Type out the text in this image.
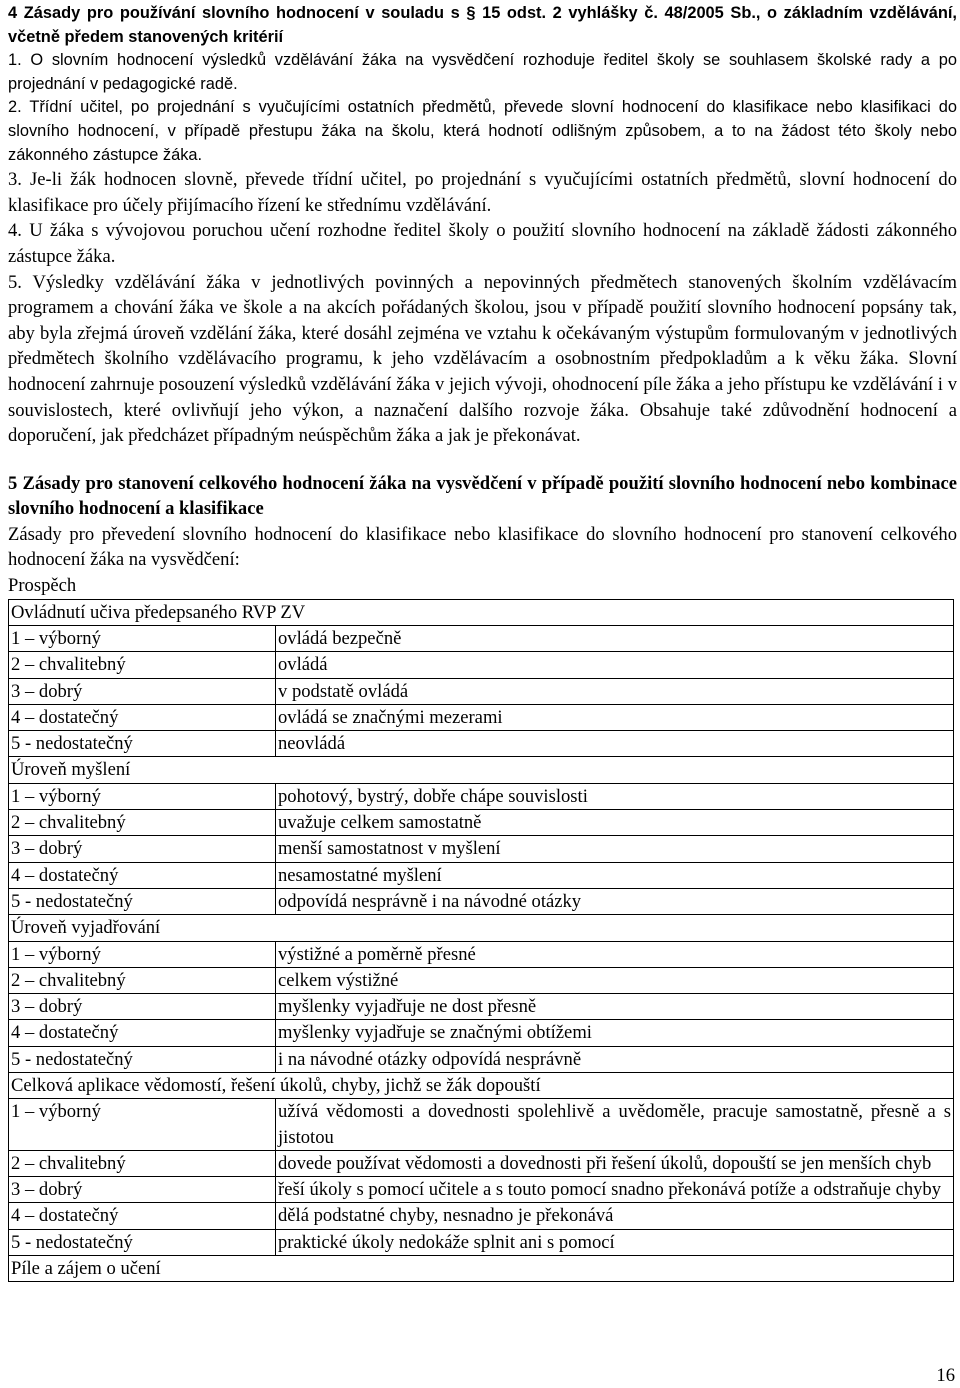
4 Zásady pro používání slovního hodnocení v souladu s § 15 odst. 2 vyhlášky č. 48/2005 Sb., o základním vzdělávání, včetně předem stanovených kritérií

1. O slovním hodnocení výsledků vzdělávání žáka na vysvědčení rozhoduje ředitel školy se souhlasem školské rady a po projednání v pedagogické radě.

2. Třídní učitel, po projednání s vyučujícími ostatních předmětů, převede slovní hodnocení do klasifikace nebo klasifikaci do slovního hodnocení, v případě přestupu žáka na školu, která hodnotí odlišným způsobem, a to na žádost této školy nebo zákonného zástupce žáka.

3. Je-li žák hodnocen slovně, převede třídní učitel, po projednání s vyučujícími ostatních předmětů, slovní hodnocení do klasifikace pro účely přijímacího řízení ke střednímu vzdělávání.

4. U žáka s vývojovou poruchou učení rozhodne ředitel školy o použití slovního hodnocení na základě žádosti zákonného zástupce žáka.

5. Výsledky vzdělávání žáka v jednotlivých povinných a nepovinných předmětech stanovených školním vzdělávacím programem a chování žáka ve škole a na akcích pořádaných školou, jsou v případě použití slovního hodnocení popsány tak, aby byla zřejmá úroveň vzdělání žáka, které dosáhl zejména ve vztahu k očekávaným výstupům formulovaným v jednotlivých předmětech školního vzdělávacího programu, k jeho vzdělávacím a osobnostním předpokladům a k věku žáka. Slovní hodnocení zahrnuje posouzení výsledků vzdělávání žáka v jejich vývoji, ohodnocení píle žáka a jeho přístupu ke vzdělávání i v souvislostech, které ovlivňují jeho výkon, a naznačení dalšího rozvoje žáka. Obsahuje také zdůvodnění hodnocení a doporučení, jak předcházet případným neúspěchům žáka a jak je překonávat.

5 Zásady pro stanovení celkového hodnocení žáka na vysvědčení v případě použití slovního hodnocení nebo kombinace slovního hodnocení a klasifikace

Zásady pro převedení slovního hodnocení do klasifikace nebo klasifikace do slovního hodnocení pro stanovení celkového hodnocení žáka na vysvědčení:

Prospěch

Ovládnutí učiva předepsaného RVP ZV	
1 – výborný	ovládá bezpečně
2 – chvalitebný	ovládá
3 – dobrý	v podstatě ovládá
4 – dostatečný	ovládá se značnými mezerami
5 - nedostatečný	neovládá
Úroveň myšlení	
1 – výborný	pohotový, bystrý, dobře chápe souvislosti
2 – chvalitebný	uvažuje celkem samostatně
3 – dobrý	menší samostatnost v myšlení
4 – dostatečný	nesamostatné myšlení
5 - nedostatečný	odpovídá nesprávně i na návodné otázky
Úroveň vyjadřování	
1 – výborný	výstižné a poměrně přesné
2 – chvalitebný	celkem výstižné
3 – dobrý	myšlenky vyjadřuje ne dost přesně
4 – dostatečný	myšlenky vyjadřuje se značnými obtížemi
5 - nedostatečný	i na návodné otázky odpovídá nesprávně
Celková aplikace vědomostí, řešení úkolů, chyby, jichž se žák dopouští	
1 – výborný	užívá vědomosti a dovednosti spolehlivě a uvědoměle, pracuje samostatně, přesně a s jistotou
2 – chvalitebný	dovede používat vědomosti a dovednosti při řešení úkolů, dopouští se jen menších chyb
3 – dobrý	řeší úkoly s pomocí učitele a s touto pomocí snadno překonává potíže a odstraňuje chyby
4 – dostatečný	dělá podstatné chyby, nesnadno je překonává
5 - nedostatečný	praktické úkoly nedokáže splnit ani s pomocí
Píle a zájem o učení	
16
